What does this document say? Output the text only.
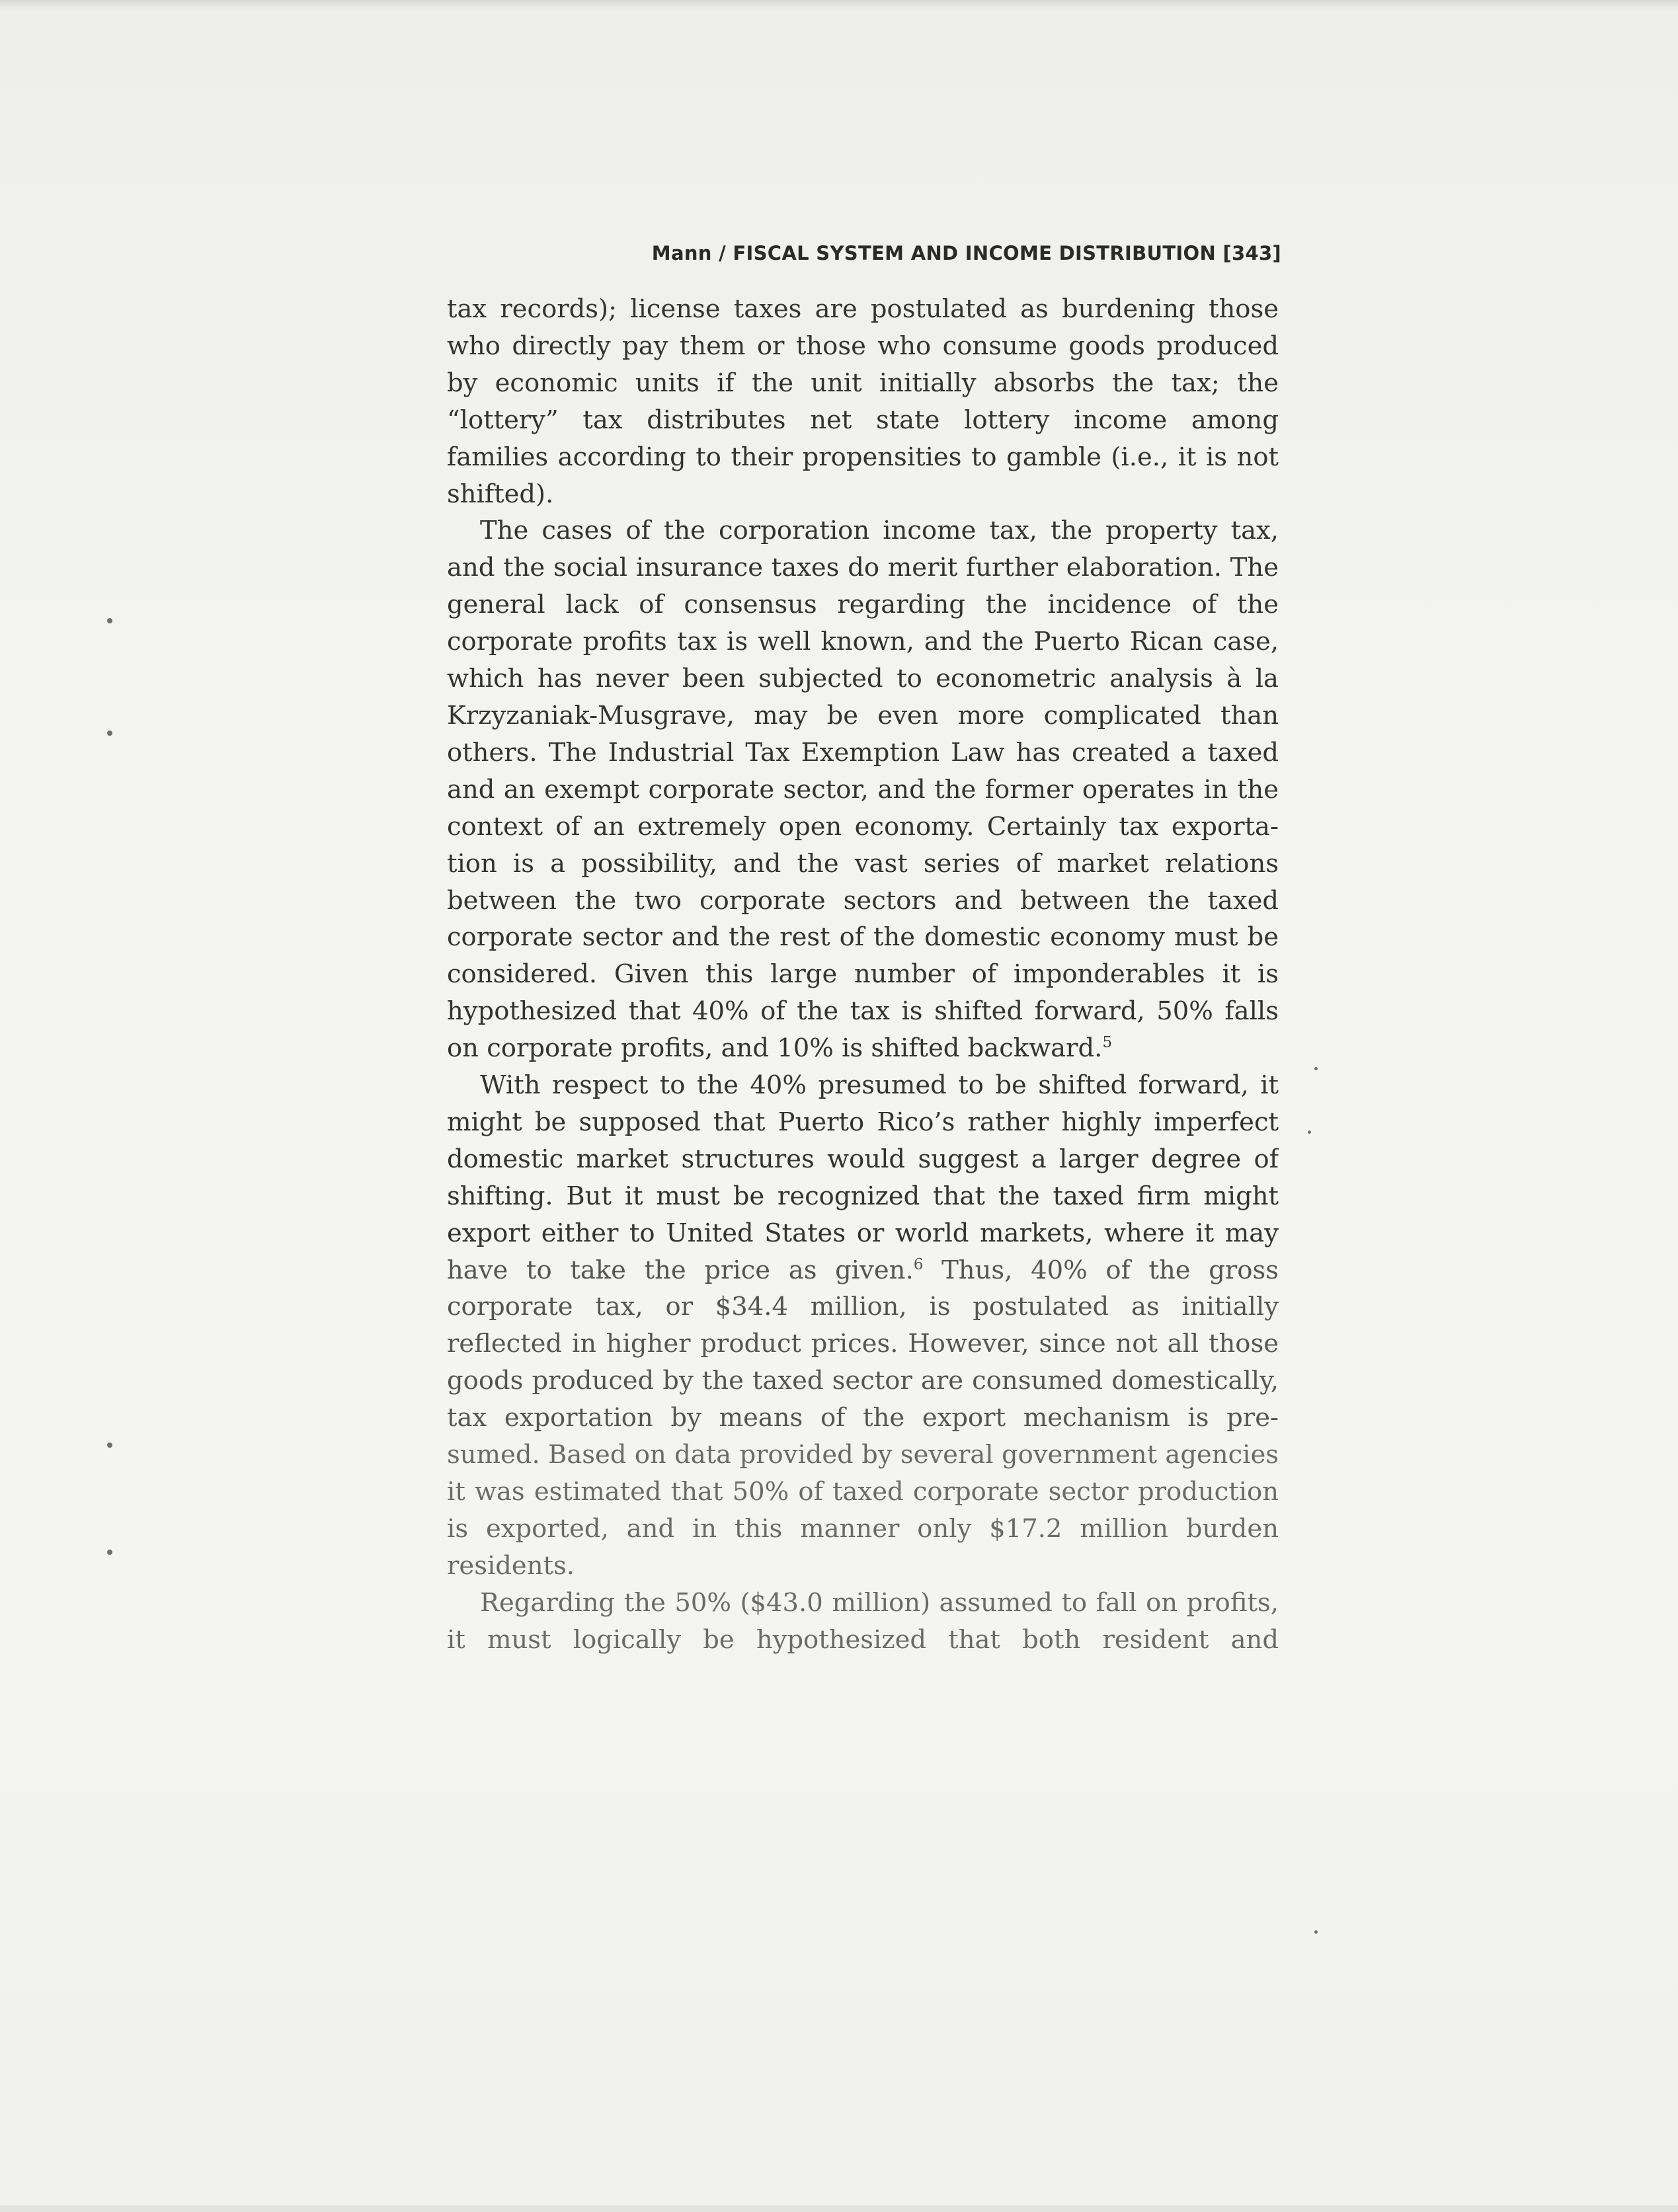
Mann / FISCAL SYSTEM AND INCOME DISTRIBUTION [343]
tax records); license taxes are postulated as burdening those
who directly pay them or those who consume goods produced
by economic units if the unit initially absorbs the tax; the
“lottery” tax distributes net state lottery income among
families according to their propensities to gamble (i.e., it is not
shifted).
The cases of the corporation income tax, the property tax,
and the social insurance taxes do merit further elaboration. The
general lack of consensus regarding the incidence of the
corporate profits tax is well known, and the Puerto Rican case,
which has never been subjected to econometric analysis à la
Krzyzaniak-Musgrave, may be even more complicated than
others. The Industrial Tax Exemption Law has created a taxed
and an exempt corporate sector, and the former operates in the
context of an extremely open economy. Certainly tax exporta-
tion is a possibility, and the vast series of market relations
between the two corporate sectors and between the taxed
corporate sector and the rest of the domestic economy must be
considered. Given this large number of imponderables it is
hypothesized that 40% of the tax is shifted forward, 50% falls
on corporate profits, and 10% is shifted backward.$^5$
With respect to the 40% presumed to be shifted forward, it
might be supposed that Puerto Rico’s rather highly imperfect
domestic market structures would suggest a larger degree of
shifting. But it must be recognized that the taxed firm might
export either to United States or world markets, where it may
have to take the price as given.$^6$ Thus, 40% of the gross
corporate tax, or $34.4 million, is postulated as initially
reflected in higher product prices. However, since not all those
goods produced by the taxed sector are consumed domestically,
tax exportation by means of the export mechanism is pre-
sumed. Based on data provided by several government agencies
it was estimated that 50% of taxed corporate sector production
is exported, and in this manner only $17.2 million burden
residents.
Regarding the 50% ($43.0 million) assumed to fall on profits,
it must logically be hypothesized that both resident and
